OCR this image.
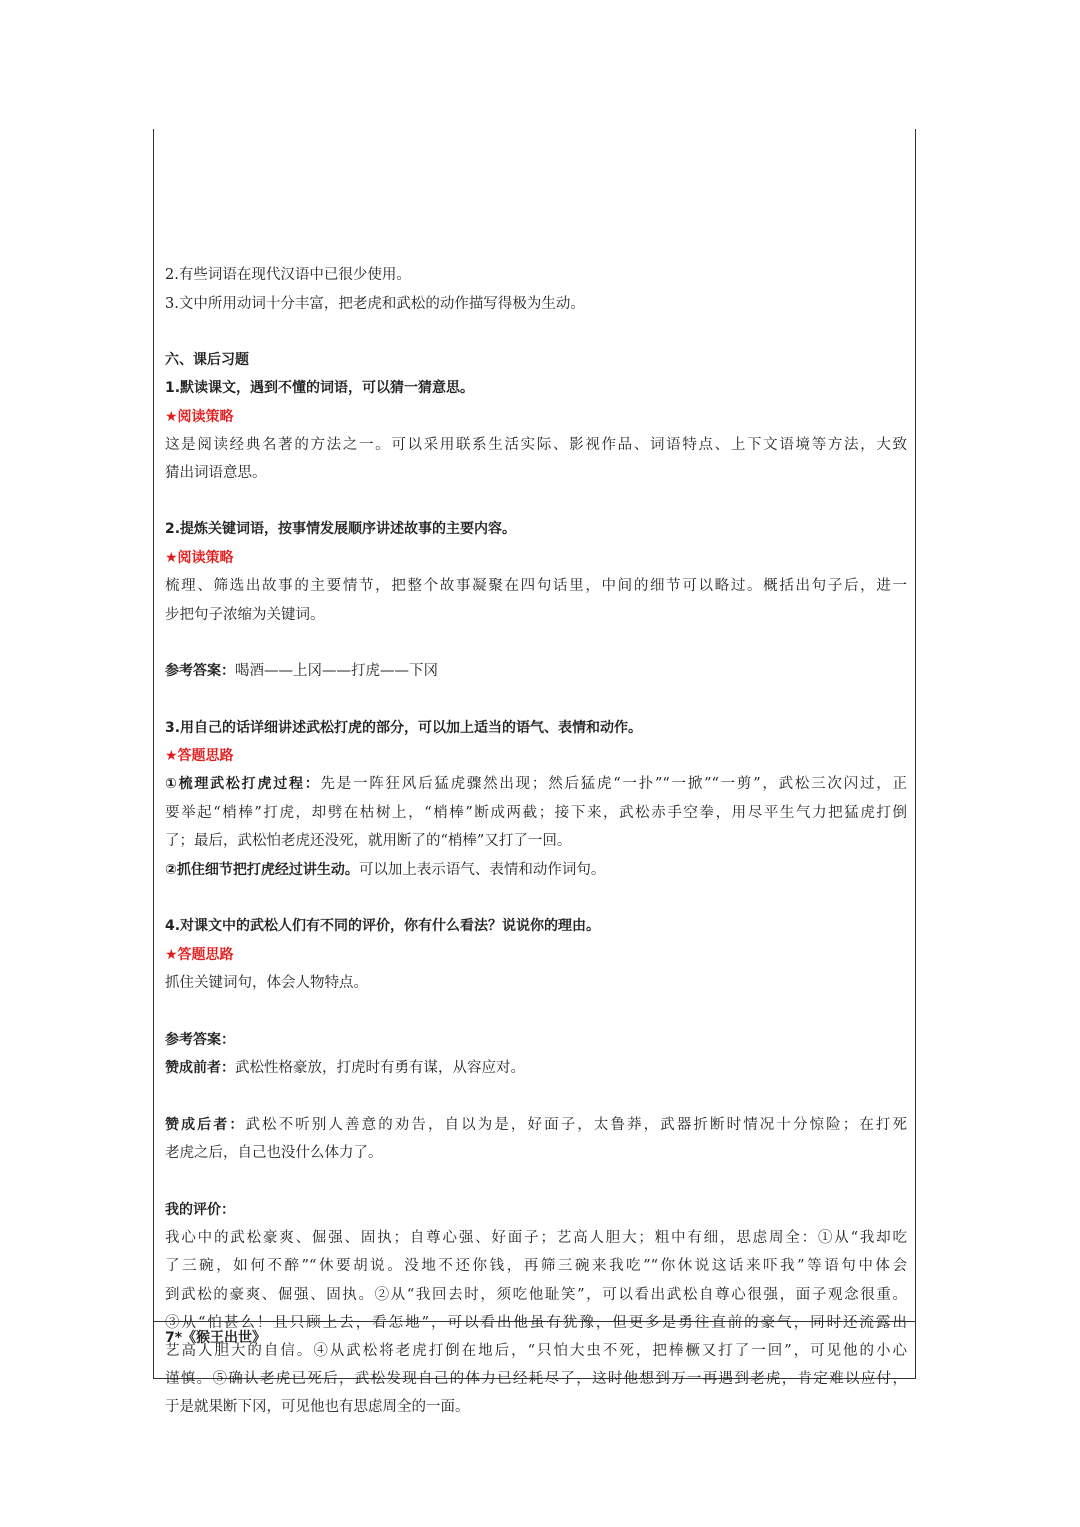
2.有些词语在现代汉语中已很少使用。
3.文中所用动词十分丰富，把老虎和武松的动作描写得极为生动。
六、课后习题
1.默读课文，遇到不懂的词语，可以猜一猜意思。
★阅读策略
这是阅读经典名著的方法之一。可以采用联系生活实际、影视作品、词语特点、上下文语境等方法，大致
猜出词语意思。
2.提炼关键词语，按事情发展顺序讲述故事的主要内容。
★阅读策略
梳理、筛选出故事的主要情节，把整个故事凝聚在四句话里，中间的细节可以略过。概括出句子后，进一
步把句子浓缩为关键词。
参考答案：喝酒——上冈——打虎——下冈
3.用自己的话详细讲述武松打虎的部分，可以加上适当的语气、表情和动作。
★答题思路
①梳理武松打虎过程：先是一阵狂风后猛虎骤然出现；然后猛虎“一扑”“一掀”“一剪”，武松三次闪过，正
要举起“梢棒”打虎，却劈在枯树上，“梢棒”断成两截；接下来，武松赤手空拳，用尽平生气力把猛虎打倒
了；最后，武松怕老虎还没死，就用断了的“梢棒”又打了一回。
②抓住细节把打虎经过讲生动。可以加上表示语气、表情和动作词句。
4.对课文中的武松人们有不同的评价，你有什么看法？说说你的理由。
★答题思路
抓住关键词句，体会人物特点。
参考答案：
赞成前者：武松性格豪放，打虎时有勇有谋，从容应对。
赞成后者：武松不听别人善意的劝告，自以为是，好面子，太鲁莽，武器折断时情况十分惊险；在打死
老虎之后，自己也没什么体力了。
我的评价：
我心中的武松豪爽、倔强、固执；自尊心强、好面子；艺高人胆大；粗中有细，思虑周全：①从“我却吃
了三碗，如何不醉”“休要胡说。没地不还你钱，再筛三碗来我吃”“你休说这话来吓我”等语句中体会
到武松的豪爽、倔强、固执。②从“我回去时，须吃他耻笑”，可以看出武松自尊心很强，面子观念很重。
③从“怕甚么！且只顾上去，看怎地”，可以看出他虽有犹豫，但更多是勇往直前的豪气，同时还流露出
艺高人胆大的自信。④从武松将老虎打倒在地后，“只怕大虫不死，把棒橛又打了一回”，可见他的小心
谨慎。⑤确认老虎已死后，武松发现自己的体力已经耗尽了，这时他想到万一再遇到老虎，肯定难以应付，
于是就果断下冈，可见他也有思虑周全的一面。
7*《猴王出世》
